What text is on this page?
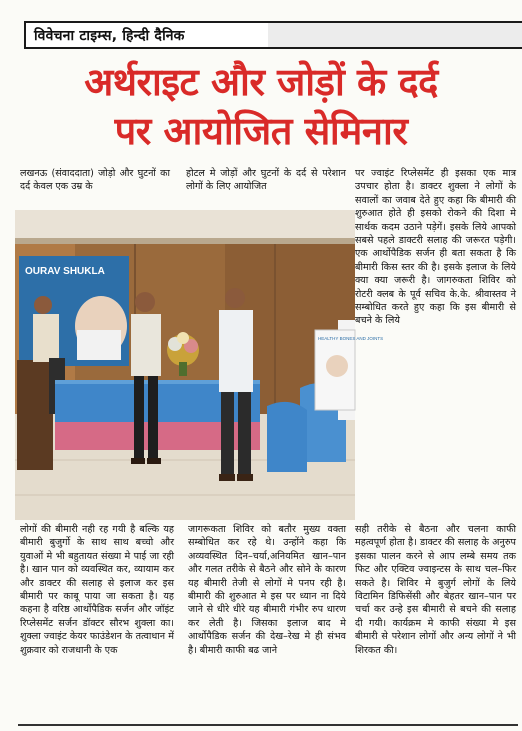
विवेचना टाइम्स, हिन्दी दैनिक
अर्थराइट और जोड़ों के दर्द
पर आयोजित सेमिनार
लखनऊ (संवाददाता) जोड़ो और घुटनों का दर्द केवल एक उम्र के
होटल मे जोड़ों और घुटनों के दर्द से परेशान लोगों के लिए आयोजित
पर ज्वाइंट रिप्लेसमेंट ही इसका एक मात्र उपचार होता है। डाक्टर शुक्ला ने लोगों के सवालों का जवाब देते हुए कहा कि बीमारी की शुरुआत होते ही इसको रोकने की दिशा मे सार्थक कदम उठाने पड़ेगें। इसके लिये आपको सबसे पहले डाक्टरी सलाह की जरूरत पड़ेगी। एक आर्थोपैडिक सर्जन ही बता सकता है कि बीमारी किस स्तर की है। इसके इलाज के लिये क्या क्या जरूरी है। जागरुकता शिविर को रोटरी क्लब के पूर्व सचिव के.के. श्रीवास्तव ने सम्बोधित करते हुए कहा कि इस बीमारी से बचने के लिये
OURAV SHUKLA
HEALTHY BONES AND JOINTS
लोगों की बीमारी नही रह गयी है बल्कि यह बीमारी बुजुर्गो के साथ साथ बच्चो और युवाओं मे भी बहुतायत संख्या मे पाई जा रही है। खान पान को व्यवस्थित कर, व्यायाम कर और डाक्टर की सलाह से इलाज कर इस बीमारी पर काबू पाया जा सकता है। यह कहना है वरिष्ठ आर्थोपैडिक सर्जन और जॉइंट रिप्लेसमेंट सर्जन डॉक्टर सौरभ शुक्ला का। शुक्ला ज्वाइंट केयर फाउंडेशन के तत्वाधान में शुक्रवार को राजधानी के एक
जागरूकता शिविर को बतौर मुख्य वक्ता सम्बोधित कर रहे थे। उन्होंने कहा कि अव्यवस्थित दिन–चर्या,अनियमित खान–पान और गलत तरीके से बैठने और सोने के कारण यह बीमारी तेजी से लोगों मे पनप रही है। बीमारी की शुरुआत मे इस पर ध्यान ना दिये जाने से धीरे धीरे यह बीमारी गंभीर रुप धारण कर लेती है। जिसका इलाज बाद मे आर्थोपैडिक सर्जन की देख–रेख मे ही संभव है। बीमारी काफी बढ जाने
सही तरीके से बैठना और चलना काफी महत्वपूर्ण होता है। डाक्टर की सलाह के अनुरुप इसका पालन करने से आप लम्बे समय तक फिट और एक्टिव ज्वाइन्टस के साथ चल–फिर सकते है। शिविर मे बुजुर्ग लोगों के लिये विटामिन डिफिसेंसी और बेहतर खान–पान पर चर्चा कर उन्हे इस बीमारी से बचने की सलाह दी गयी। कार्यक्रम मे काफी संख्या मे इस बीमारी से परेशान लोगों और अन्य लोगों ने भी शिरकत की।
